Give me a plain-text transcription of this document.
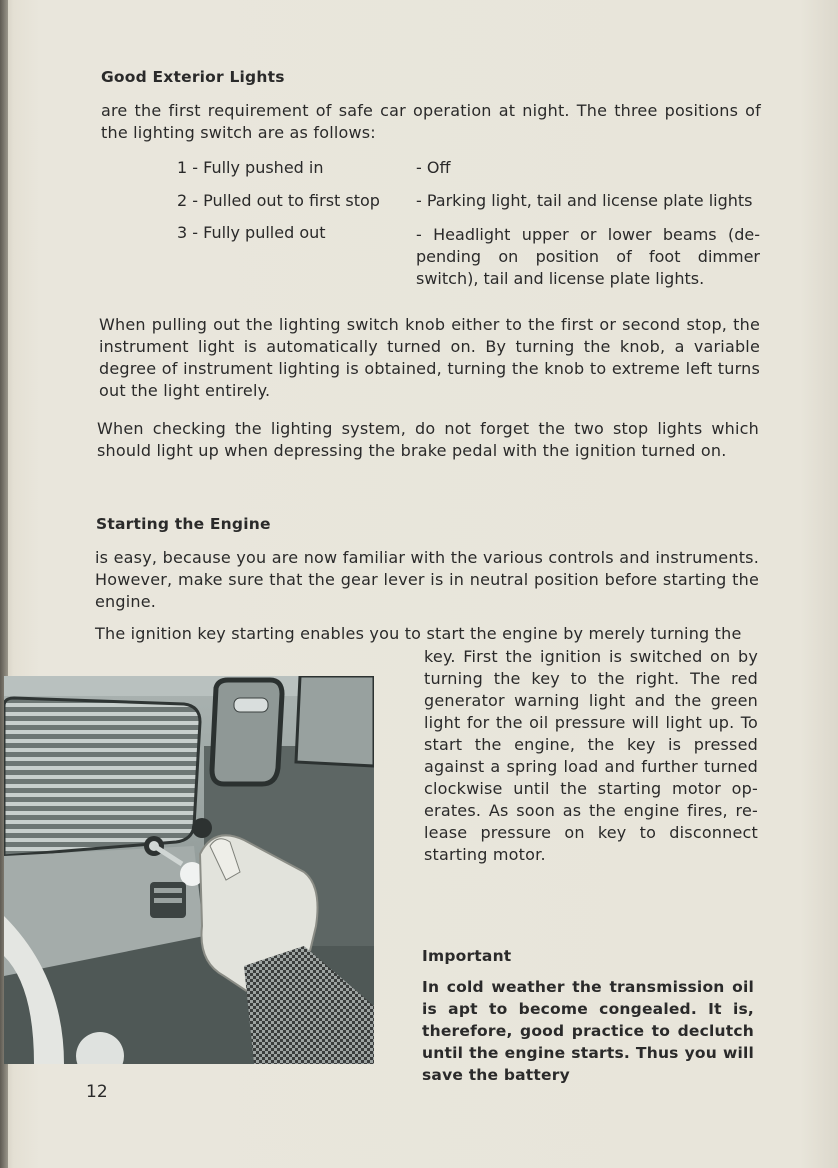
Good Exterior Lights
are the first requirement of safe car operation at night. The three positions of the lighting switch are as follows:
1 - Fully pushed in	- Off
2 - Pulled out to first stop - Parking light, tail and license plate lights
3 - Fully pulled out	- Headlight upper or lower beams (de-pending on position of foot dimmer switch), tail and license plate lights.
When pulling out the lighting switch knob either to the first or second stop, the instrument light is automatically turned on. By turning the knob, a variable degree of instrument lighting is obtained, turning the knob to extreme left turns out the light entirely.
When checking the lighting system, do not forget the two stop lights which should light up when depressing the brake pedal with the ignition turned on.
Starting the Engine
is easy, because you are now familiar with the various controls and instruments. However, make sure that the gear lever is in neutral position before starting the engine.
The ignition key starting enables you to start the engine by merely turning the
key. First the ignition is switched on by turning the key to the right. The red generator warning light and the green light for the oil pressure will light up. To start the engine, the key is pressed against a spring load and further turned clockwise until the starting motor op-erates. As soon as the engine fires, re-lease pressure on key to disconnect starting motor.
Important
In cold weather the transmission oil is apt to become congealed. It is, therefore, good practice to declutch until the engine starts. Thus you will save the battery
12
